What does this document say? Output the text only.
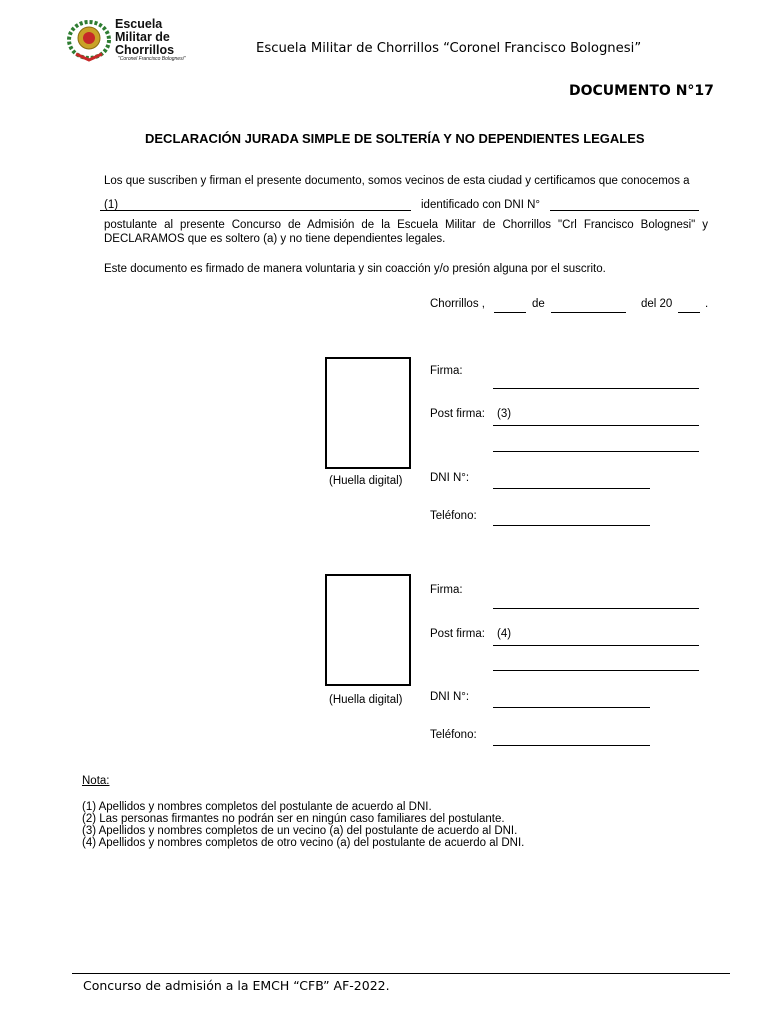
Escuela
Militar de
Chorrillos
"Coronel Francisco Bolognesi"
Escuela Militar de Chorrillos “Coronel Francisco Bolognesi”
DOCUMENTO N°17
DECLARACIÓN JURADA SIMPLE DE SOLTERÍA Y NO DEPENDIENTES LEGALES
Los que suscriben y firman el presente documento, somos vecinos de esta ciudad y certificamos que conocemos a
(1)	identificado con DNI N°
postulante al presente Concurso de Admisión de la Escuela Militar de Chorrillos "Crl Francisco Bolognesi" y DECLARAMOS que es soltero (a) y no tiene dependientes legales.
Este documento es firmado de manera voluntaria y sin coacción y/o presión alguna por el suscrito.
Chorrillos ,	de	del 20	.
(Huella digital)
Firma:
Post firma: (3)
DNI N°:
Teléfono:
(Huella digital)
Firma:
Post firma: (4)
DNI N°:
Teléfono:
Nota:
(1) Apellidos y nombres completos del postulante de acuerdo al DNI.
(2) Las personas firmantes no podrán ser en ningún caso familiares del postulante.
(3) Apellidos y nombres completos de un vecino (a) del postulante de acuerdo al DNI.
(4) Apellidos y nombres completos de otro vecino (a) del postulante de acuerdo al DNI.
Concurso de admisión a la EMCH “CFB” AF-2022.
